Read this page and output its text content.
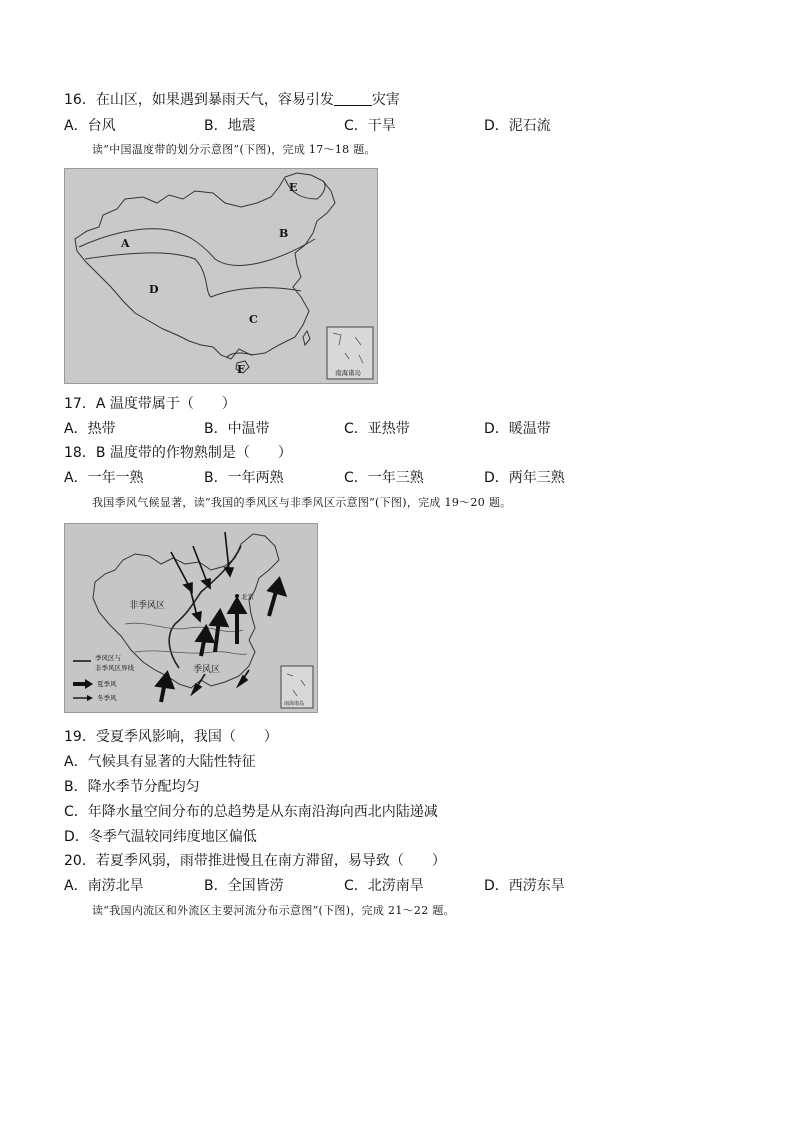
16．在山区，如果遇到暴雨天气，容易引发	灾害
A．台风	B．地震	C．干旱	D．泥石流
读“中国温度带的划分示意图”(下图)，完成 17～18 题。
A
B
C
D
E
F	南海诸岛
17．A 温度带属于（　　）
A．热带	B．中温带	C．亚热带	D．暖温带
18．B 温度带的作物熟制是（　　）
A．一年一熟	B．一年两熟	C．一年三熟	D．两年三熟
我国季风气候显著，读“我国的季风区与非季风区示意图”(下图)，完成 19～20 题。
北京
非季风区
季风区
季风区与
非季风区界线
夏季风
冬季风
南海诸岛
19．受夏季风影响，我国（　　）
A．气候具有显著的大陆性特征
B．降水季节分配均匀
C．年降水量空间分布的总趋势是从东南沿海向西北内陆递减
D．冬季气温较同纬度地区偏低
20．若夏季风弱，雨带推进慢且在南方滞留，易导致（　　）
A．南涝北旱	B．全国皆涝	C．北涝南旱	D．西涝东旱
读“我国内流区和外流区主要河流分布示意图”(下图)，完成 21～22 题。
